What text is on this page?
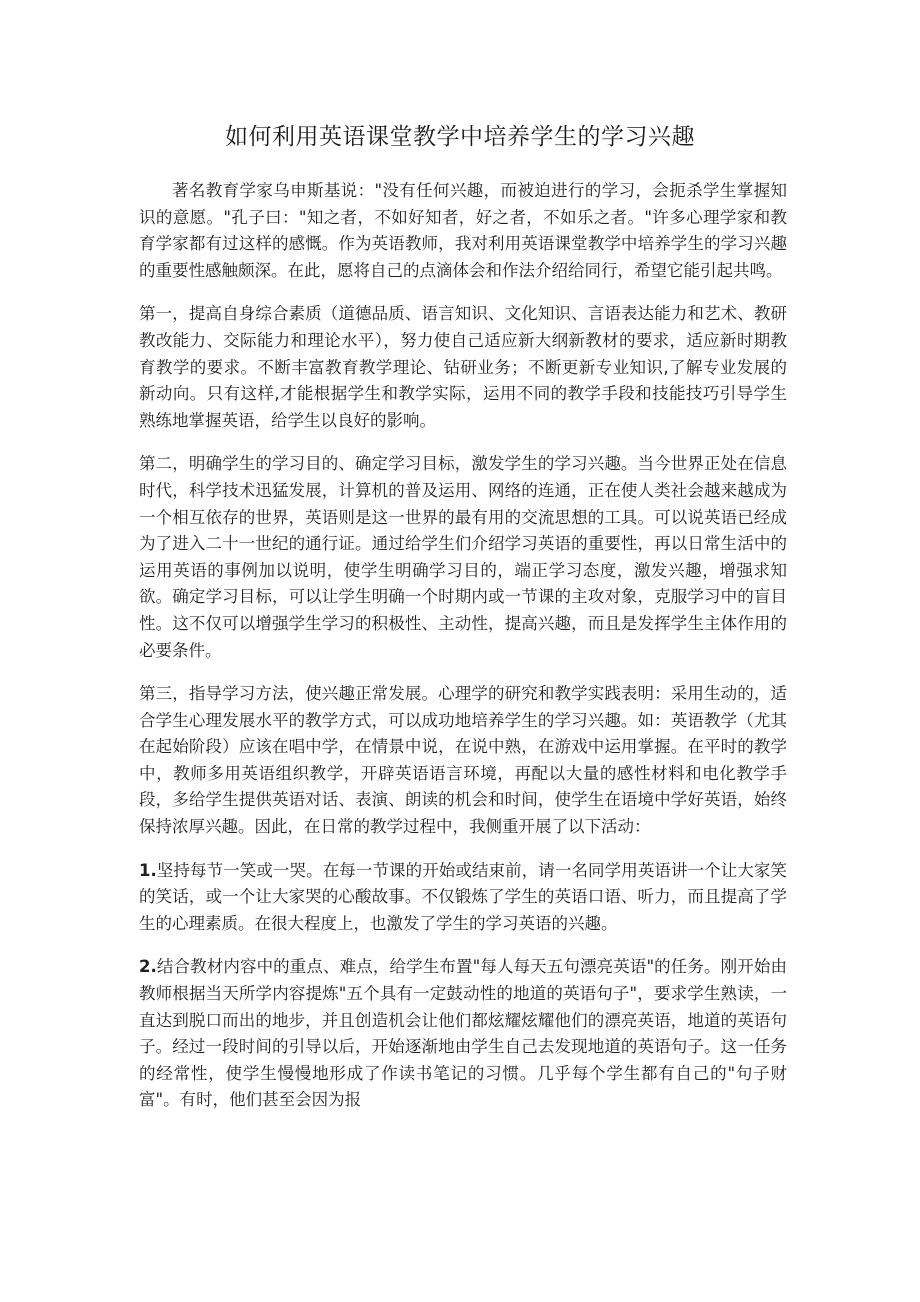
如何利用英语课堂教学中培养学生的学习兴趣

著名教育学家乌申斯基说："没有任何兴趣，而被迫进行的学习，会扼杀学生掌握知识的意愿。"孔子曰："知之者，不如好知者，好之者，不如乐之者。"许多心理学家和教育学家都有过这样的感慨。作为英语教师，我对利用英语课堂教学中培养学生的学习兴趣的重要性感触颇深。在此，愿将自己的点滴体会和作法介绍给同行，希望它能引起共鸣。

第一，提高自身综合素质（道德品质、语言知识、文化知识、言语表达能力和艺术、教研教改能力、交际能力和理论水平），努力使自己适应新大纲新教材的要求，适应新时期教育教学的要求。不断丰富教育教学理论、钻研业务；不断更新专业知识,了解专业发展的新动向。只有这样,才能根据学生和教学实际，运用不同的教学手段和技能技巧引导学生熟练地掌握英语，给学生以良好的影响。

第二，明确学生的学习目的、确定学习目标，激发学生的学习兴趣。当今世界正处在信息时代，科学技术迅猛发展，计算机的普及运用、网络的连通，正在使人类社会越来越成为一个相互依存的世界，英语则是这一世界的最有用的交流思想的工具。可以说英语已经成为了进入二十一世纪的通行证。通过给学生们介绍学习英语的重要性，再以日常生活中的运用英语的事例加以说明，使学生明确学习目的，端正学习态度，激发兴趣，增强求知欲。确定学习目标，可以让学生明确一个时期内或一节课的主攻对象，克服学习中的盲目性。这不仅可以增强学生学习的积极性、主动性，提高兴趣，而且是发挥学生主体作用的必要条件。

第三，指导学习方法，使兴趣正常发展。心理学的研究和教学实践表明：采用生动的，适合学生心理发展水平的教学方式，可以成功地培养学生的学习兴趣。如：英语教学（尤其在起始阶段）应该在唱中学，在情景中说，在说中熟，在游戏中运用掌握。在平时的教学中，教师多用英语组织教学，开辟英语语言环境，再配以大量的感性材料和电化教学手段，多给学生提供英语对话、表演、朗读的机会和时间，使学生在语境中学好英语，始终保持浓厚兴趣。因此，在日常的教学过程中，我侧重开展了以下活动：

1.坚持每节一笑或一哭。在每一节课的开始或结束前，请一名同学用英语讲一个让大家笑的笑话，或一个让大家哭的心酸故事。不仅锻炼了学生的英语口语、听力，而且提高了学生的心理素质。在很大程度上，也激发了学生的学习英语的兴趣。

2.结合教材内容中的重点、难点，给学生布置"每人每天五句漂亮英语"的任务。刚开始由教师根据当天所学内容提炼"五个具有一定鼓动性的地道的英语句子"，要求学生熟读，一直达到脱口而出的地步，并且创造机会让他们都炫耀炫耀他们的漂亮英语，地道的英语句子。经过一段时间的引导以后，开始逐渐地由学生自己去发现地道的英语句子。这一任务的经常性，使学生慢慢地形成了作读书笔记的习惯。几乎每个学生都有自己的"句子财富"。有时，他们甚至会因为报
